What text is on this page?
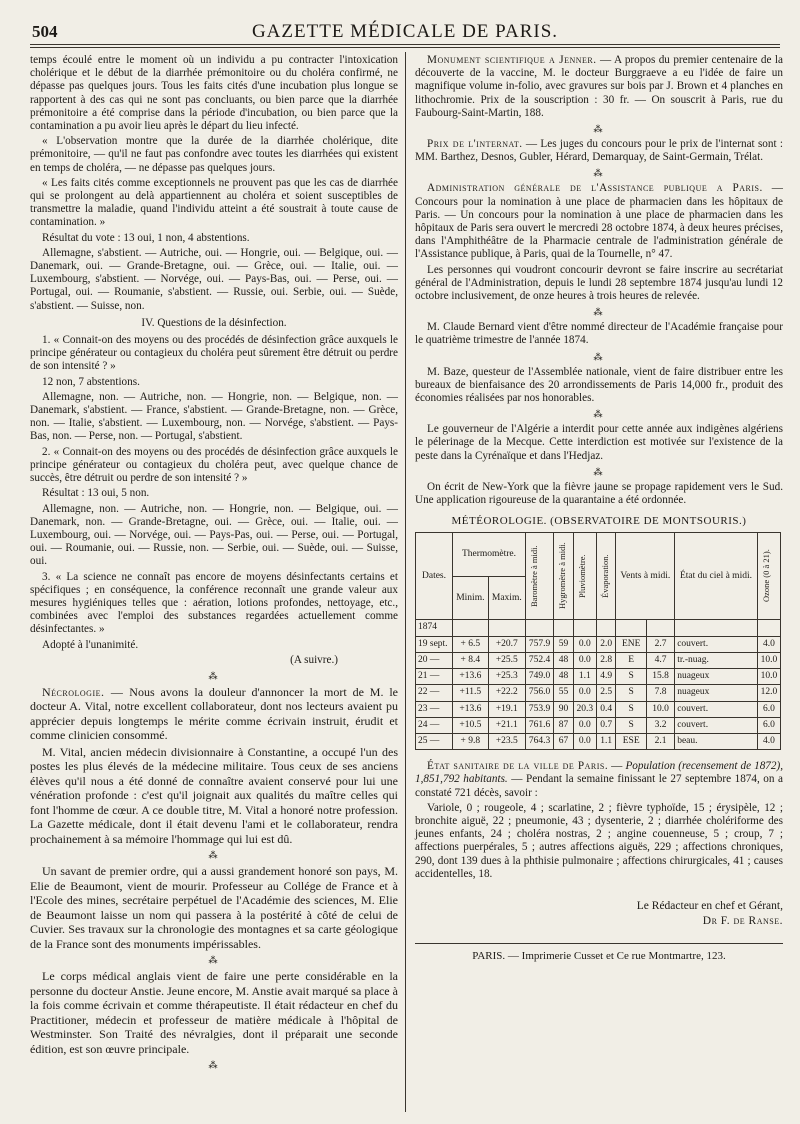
504	GAZETTE MÉDICALE DE PARIS.

temps écoulé entre le moment où un individu a pu contracter l'intoxication cholérique et le début de la diarrhée prémonitoire ou du choléra confirmé, ne dépasse pas quelques jours. Tous les faits cités d'une incubation plus longue se rapportent à des cas qui ne sont pas concluants, ou bien parce que la diarrhée prémonitoire a été comprise dans la période d'incubation, ou bien parce que la contamination a pu avoir lieu après le départ du lieu infecté.

« L'observation montre que la durée de la diarrhée cholérique, dite prémonitoire, — qu'il ne faut pas confondre avec toutes les diarrhées qui existent en temps de choléra, — ne dépasse pas quelques jours.

« Les faits cités comme exceptionnels ne prouvent pas que les cas de diarrhée qui se prolongent au delà appartiennent au choléra et soient susceptibles de transmettre la maladie, quand l'individu atteint a été soustrait à toute cause de contamination. »

Résultat du vote : 13 oui, 1 non, 4 abstentions.

Allemagne, s'abstient. — Autriche, oui. — Hongrie, oui. — Belgique, oui. — Danemark, oui. — Grande-Bretagne, oui. — Grèce, oui. — Italie, oui. — Luxembourg, s'abstient. — Norvége, oui. — Pays-Bas, oui. — Perse, oui. — Portugal, oui. — Roumanie, s'abstient. — Russie, oui. Serbie, oui. — Suède, s'abstient. — Suisse, non.

IV. Questions de la désinfection.

1. « Connait-on des moyens ou des procédés de désinfection grâce auxquels le principe générateur ou contagieux du choléra peut sûrement être détruit ou perdre de son intensité ? »

12 non, 7 abstentions.

Allemagne, non. — Autriche, non. — Hongrie, non. — Belgique, non. — Danemark, s'abstient. — France, s'abstient. — Grande-Bretagne, non. — Grèce, non. — Italie, s'abstient. — Luxembourg, non. — Norvége, s'abstient. — Pays-Bas, non. — Perse, non. — Portugal, s'abstient.

2. « Connait-on des moyens ou des procédés de désinfection grâce auxquels le principe générateur ou contagieux du choléra peut, avec quelque chance de succès, être détruit ou perdre de son intensité ? »

Résultat : 13 oui, 5 non.

Allemagne, non. — Autriche, non. — Hongrie, non. — Belgique, oui. — Danemark, non. — Grande-Bretagne, oui. — Grèce, oui. — Italie, oui. — Luxembourg, oui. — Norvége, oui. — Pays-Pas, oui. — Perse, oui. — Portugal, oui. — Roumanie, oui. — Russie, non. — Serbie, oui. — Suède, oui. — Suisse, oui.

3. « La science ne connaît pas encore de moyens désinfectants certains et spécifiques ; en conséquence, la conférence reconnaît une grande valeur aux mesures hygiéniques telles que : aération, lotions profondes, nettoyage, etc., combinées avec l'emploi des substances regardées actuellement comme désinfectantes. »

Adopté à l'unanimité.

(A suivre.)

⁂

Nécrologie. — Nous avons la douleur d'annoncer la mort de M. le docteur A. Vital, notre excellent collaborateur, dont nos lecteurs avaient pu apprécier depuis longtemps le mérite comme écrivain instruit, érudit et comme clinicien consommé.

M. Vital, ancien médecin divisionnaire à Constantine, a occupé l'un des postes les plus élevés de la médecine militaire. Tous ceux de ses anciens élèves qu'il nous a été donné de connaître avaient conservé pour lui une vénération profonde : c'est qu'il joignait aux qualités du maître celles qui font l'homme de cœur. A ce double titre, M. Vital a honoré notre profession. La Gazette médicale, dont il était devenu l'ami et le collaborateur, rendra prochainement à sa mémoire l'hommage qui lui est dû.

⁂

Un savant de premier ordre, qui a aussi grandement honoré son pays, M. Elie de Beaumont, vient de mourir. Professeur au Collége de France et à l'Ecole des mines, secrétaire perpétuel de l'Académie des sciences, M. Elie de Beaumont laisse un nom qui passera à la postérité à côté de celui de Cuvier. Ses travaux sur la chronologie des montagnes et sa carte géologique de la France sont des monuments impérissables.

⁂

Le corps médical anglais vient de faire une perte considérable en la personne du docteur Anstie. Jeune encore, M. Anstie avait marqué sa place à la fois comme écrivain et comme thérapeutiste. Il était rédacteur en chef du Practitioner, médecin et professeur de matière médicale à l'hôpital de Westminster. Son Traité des névralgies, dont il préparait une seconde édition, est son œuvre principale.

⁂

Monument scientifique a Jenner. — A propos du premier centenaire de la découverte de la vaccine, M. le docteur Burggraeve a eu l'idée de faire un magnifique volume in-folio, avec gravures sur bois par J. Brown et 4 planches en lithochromie. Prix de la souscription : 30 fr. — On souscrit à Paris, rue du Faubourg-Saint-Martin, 188.

⁂

Prix de l'internat. — Les juges du concours pour le prix de l'internat sont : MM. Barthez, Desnos, Gubler, Hérard, Demarquay, de Saint-Germain, Trélat.

⁂

Administration générale de l'Assistance publique a Paris. — Concours pour la nomination à une place de pharmacien dans les hôpitaux de Paris. — Un concours pour la nomination à une place de pharmacien dans les hôpitaux de Paris sera ouvert le mercredi 28 octobre 1874, à deux heures précises, dans l'Amphithéâtre de la Pharmacie centrale de l'administration générale de l'Assistance publique, à Paris, quai de la Tournelle, n° 47.

Les personnes qui voudront concourir devront se faire inscrire au secrétariat général de l'Administration, depuis le lundi 28 septembre 1874 jusqu'au lundi 12 octobre inclusivement, de onze heures à trois heures de relevée.

⁂

M. Claude Bernard vient d'être nommé directeur de l'Académie française pour le quatrième trimestre de l'année 1874.

⁂

M. Baze, questeur de l'Assemblée nationale, vient de faire distribuer entre les bureaux de bienfaisance des 20 arrondissements de Paris 14,000 fr., produit des économies réalisées par nos honorables.

⁂

Le gouverneur de l'Algérie a interdit pour cette année aux indigènes algériens le pélerinage de la Mecque. Cette interdiction est motivée sur l'existence de la peste dans la Cyrénaïque et dans l'Hedjaz.

⁂

On écrit de New-York que la fièvre jaune se propage rapidement vers le Sud. Une application rigoureuse de la quarantaine a été ordonnée.

MÉTÉOROLOGIE. (OBSERVATOIRE DE MONTSOURIS.)
Dates.	Thermomètre.		Baromètre à midi.	Hygromètre à midi.	Pluviomètre.	Évaporation.	Vents à midi.		État du ciel à midi.	Ozone (0 à 21).

	Minim.	Maxim.								
1874										
19 sept.	+ 6.5	+20.7	757.9	59	0.0	2.0	ENE	2.7	couvert.	4.0
20 —	+ 8.4	+25.5	752.4	48	0.0	2.8	E	4.7	tr.-nuag.	10.0
21 —	+13.6	+25.3	749.0	48	1.1	4.9	S	15.8	nuageux	10.0
22 —	+11.5	+22.2	756.0	55	0.0	2.5	S	7.8	nuageux	12.0
23 —	+13.6	+19.1	753.9	90	20.3	0.4	S	10.0	couvert.	6.0
24 —	+10.5	+21.1	761.6	87	0.0	0.7	S	3.2	couvert.	6.0
25 —	+ 9.8	+23.5	764.3	67	0.0	1.1	ESE	2.1	beau.	4.0

État sanitaire de la ville de Paris. — Population (recensement de 1872), 1,851,792 habitants. — Pendant la semaine finissant le 27 septembre 1874, on a constaté 721 décès, savoir :

Variole, 0 ; rougeole, 4 ; scarlatine, 2 ; fièvre typhoïde, 15 ; érysipèle, 12 ; bronchite aiguë, 22 ; pneumonie, 43 ; dysenterie, 2 ; diarrhée cholériforme des jeunes enfants, 24 ; choléra nostras, 2 ; angine couenneuse, 5 ; croup, 7 ; affections puerpérales, 5 ; autres affections aiguës, 229 ; affections chroniques, 290, dont 139 dues à la phthisie pulmonaire ; affections chirurgicales, 41 ; causes accidentelles, 18.

Le Rédacteur en chef et Gérant,
Dr F. de Ranse.
PARIS. — Imprimerie Cusset et Ce rue Montmartre, 123.
